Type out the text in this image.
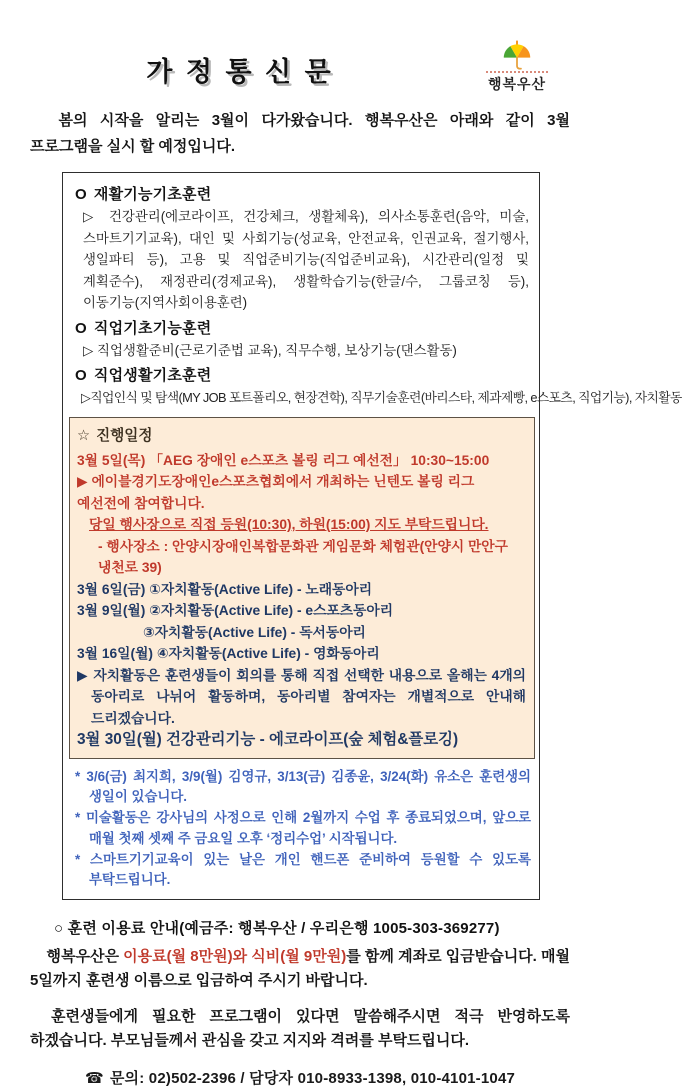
가 정 통 신 문	행복우산

봄의 시작을 알리는 3월이 다가왔습니다. 행복우산은 아래와 같이 3월 프로그램을 실시 할 예정입니다.

O 재활기능기초훈련

▷ 건강관리(에코라이프, 건강체크, 생활체육), 의사소통훈련(음악, 미술, 스마트기기교육), 대인 및 사회기능(성교육, 안전교육, 인권교육, 절기행사, 생일파티 등), 고용 및 직업준비기능(직업준비교육), 시간관리(일정 및 계획준수), 재정관리(경제교육), 생활학습기능(한글/수, 그룹코칭 등), 이동기능(지역사회이용훈련)

O 직업기초기능훈련

▷ 직업생활준비(근로기준법 교육), 직무수행, 보상기능(댄스활동)

O 직업생활기초훈련

▷직업인식 및 탐색(MY JOB 포트폴리오, 현장견학), 직무기술훈련(바리스타, 제과제빵, e스포츠, 직업기능), 자치활동

☆ 진행일정
3월 5일(목) 「AEG 장애인 e스포츠 볼링 리그 예선전」 10:30~15:00
▶ 에이블경기도장애인e스포츠협회에서 개최하는 닌텐도 볼링 리그 예선전에 참여합니다.
당일 행사장으로 직접 등원(10:30), 하원(15:00) 지도 부탁드립니다.
- 행사장소 : 안양시장애인복합문화관 게임문화 체험관(안양시 만안구 냉천로 39)
3월 6일(금) ①자치활동(Active Life) - 노래동아리
3월 9일(월) ②자치활동(Active Life) - e스포츠동아리
③자치활동(Active Life) - 독서동아리
3월 16일(월) ④자치활동(Active Life) - 영화동아리
▶ 자치활동은 훈련생들이 회의를 통해 직접 선택한 내용으로 올해는 4개의 동아리로 나뉘어 활동하며, 동아리별 참여자는 개별적으로 안내해 드리겠습니다.
3월 30일(월) 건강관리기능 - 에코라이프(숲 체험&플로깅)

* 3/6(금) 최지희, 3/9(월) 김영규, 3/13(금) 김종윤, 3/24(화) 유소은 훈련생의 생일이 있습니다.

* 미술활동은 강사님의 사정으로 인해 2월까지 수업 후 종료되었으며, 앞으로 매월 첫째 셋째 주 금요일 오후 ‘정리수업’ 시작됩니다.

* 스마트기기교육이 있는 날은 개인 핸드폰 준비하여 등원할 수 있도록 부탁드립니다.

○ 훈련 이용료 안내(예금주: 행복우산 / 우리은행 1005-303-369277)

행복우산은 이용료(월 8만원)와 식비(월 9만원)를 함께 계좌로 입금받습니다. 매월 5일까지 훈련생 이름으로 입금하여 주시기 바랍니다.

훈련생들에게 필요한 프로그램이 있다면 말씀해주시면 적극 반영하도록 하겠습니다. 부모님들께서 관심을 갖고 지지와 격려를 부탁드립니다.

☎ 문의: 02)502-2396 / 담당자 010-8933-1398, 010-4101-1047
